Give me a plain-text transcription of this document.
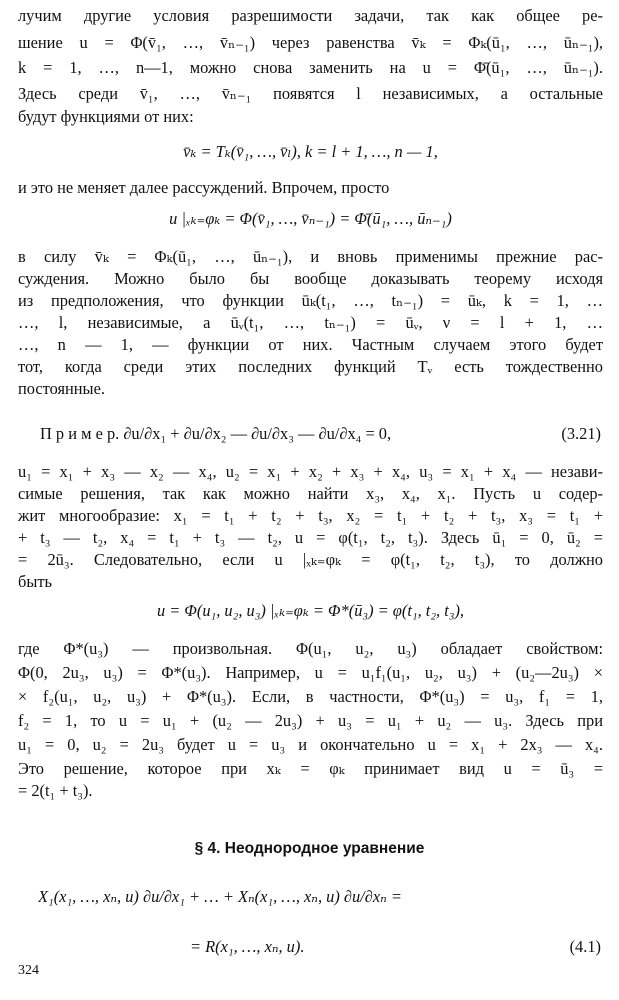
лучим другие условия разрешимости задачи, так как общее ре-
шение u = Φ(v̄₁, …, v̄ₙ₋₁) через равенства v̄ₖ = Φₖ(ū₁, …, ūₙ₋₁),
k = 1, …, n—1, можно снова заменить на u = Φ̄(ū₁, …, ūₙ₋₁).
Здесь среди v̄₁, …, v̄ₙ₋₁ появятся l независимых, а остальные
будут функциями от них:
v̄ₖ = Tₖ(v̄₁, …, v̄ₗ), k = l + 1, …, n — 1,
и это не меняет далее рассуждений. Впрочем, просто
u |ₓₖ₌φₖ = Φ(v̄₁, …, v̄ₙ₋₁) = Φ̄(ū₁, …, ūₙ₋₁)
в силу v̄ₖ = Φₖ(ū₁, …, ūₙ₋₁), и вновь применимы прежние рас-
суждения. Можно было бы вообще доказывать теорему исходя
из предположения, что функции ūₖ(t₁, …, tₙ₋₁) = ūₖ, k = 1, …
…, l, независимые, а ūᵥ(t₁, …, tₙ₋₁) = ūᵥ, ν = l + 1, …
…, n — 1, — функции от них. Частным случаем этого будет
тот, когда среди этих последних функций Tᵥ есть тождественно
постоянные.
П р и м е р. ∂u/∂x₁ + ∂u/∂x₂ — ∂u/∂x₃ — ∂u/∂x₄ = 0,	(3.21)
u₁ = x₁ + x₃ — x₂ — x₄, u₂ = x₁ + x₂ + x₃ + x₄, u₃ = x₁ + x₄ — незави-
симые решения, так как можно найти x₃, x₄, x₁. Пусть u содер-
жит многообразие: x₁ = t₁ + t₂ + t₃, x₂ = t₁ + t₂ + t₃, x₃ = t₁ +
+ t₃ — t₂, x₄ = t₁ + t₃ — t₂, u = φ(t₁, t₂, t₃). Здесь ū₁ = 0, ū₂ =
= 2ū₃. Следовательно, если u |ₓₖ₌φₖ = φ(t₁, t₂, t₃), то должно
быть
u = Φ(u₁, u₂, u₃) |ₓₖ₌φₖ = Φ*(ū₃) = φ(t₁, t₂, t₃),
где Φ*(u₃) — произвольная. Φ(u₁, u₂, u₃) обладает свойством:
Φ(0, 2u₃, u₃) = Φ*(u₃). Например, u = u₁f₁(u₁, u₂, u₃) + (u₂—2u₃) ×
× f₂(u₁, u₂, u₃) + Φ*(u₃). Если, в частности, Φ*(u₃) = u₃, f₁ = 1,
f₂ = 1, то u = u₁ + (u₂ — 2u₃) + u₃ = u₁ + u₂ — u₃. Здесь при
u₁ = 0, u₂ = 2u₃ будет u = u₃ и окончательно u = x₁ + 2x₃ — x₄.
Это решение, которое при xₖ = φₖ принимает вид u = ū₃ =
= 2(t₁ + t₃).
§ 4. Неоднородное уравнение
X₁(x₁, …, xₙ, u) ∂u/∂x₁ + … + Xₙ(x₁, …, xₙ, u) ∂u/∂xₙ =
= R(x₁, …, xₙ, u).	(4.1)
324
